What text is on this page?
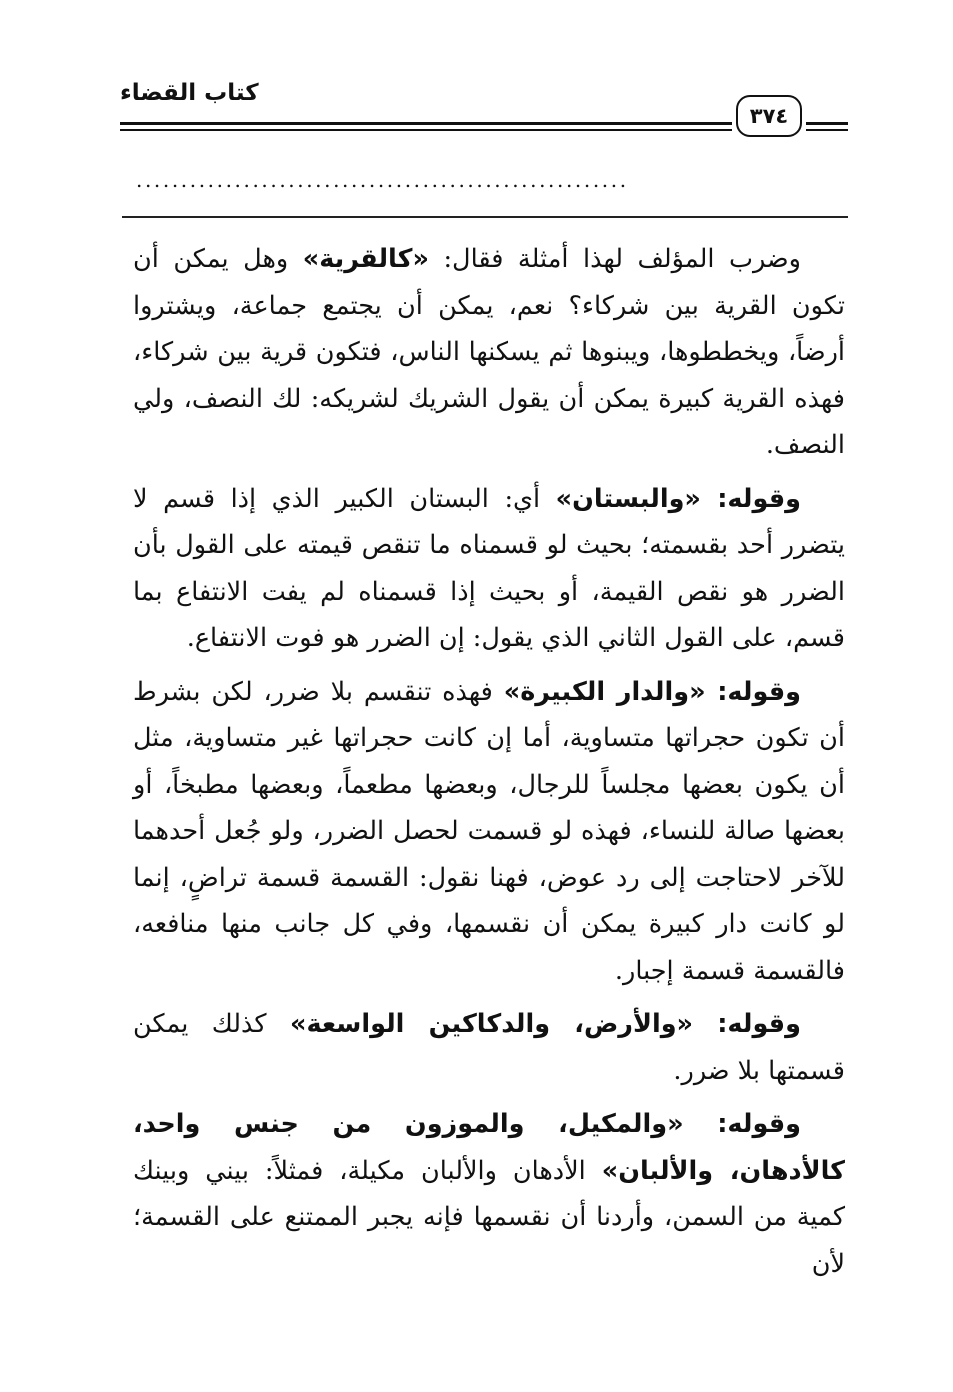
كتاب القضاء
٣٧٤
.......................................................

وضرب المؤلف لهذا أمثلة فقال: «كالقرية» وهل يمكن أن تكون القرية بين شركاء؟ نعم، يمكن أن يجتمع جماعة، ويشتروا أرضاً، ويخططوها، ويبنوها ثم يسكنها الناس، فتكون قرية بين شركاء، فهذه القرية كبيرة يمكن أن يقول الشريك لشريكه: لك النصف، ولي النصف.

وقوله: «والبستان» أي: البستان الكبير الذي إذا قسم لا يتضرر أحد بقسمته؛ بحيث لو قسمناه ما تنقص قيمته على القول بأن الضرر هو نقص القيمة، أو بحيث إذا قسمناه لم يفت الانتفاع بما قسم، على القول الثاني الذي يقول: إن الضرر هو فوت الانتفاع.

وقوله: «والدار الكبيرة» فهذه تنقسم بلا ضرر، لكن بشرط أن تكون حجراتها متساوية، أما إن كانت حجراتها غير متساوية، مثل أن يكون بعضها مجلساً للرجال، وبعضها مطعماً، وبعضها مطبخاً، أو بعضها صالة للنساء، فهذه لو قسمت لحصل الضرر، ولو جُعل أحدهما للآخر لاحتاجت إلى رد عوض، فهنا نقول: القسمة قسمة تراضٍ، إنما لو كانت دار كبيرة يمكن أن نقسمها، وفي كل جانب منها منافعه، فالقسمة قسمة إجبار.

وقوله: «والأرض، والدكاكين الواسعة» كذلك يمكن قسمتها بلا ضرر.

وقوله: «والمكيل، والموزون من جنس واحد، كالأدهان، والألبان» الأدهان والألبان مكيلة، فمثلاً: بيني وبينك كمية من السمن، وأردنا أن نقسمها فإنه يجبر الممتنع على القسمة؛ لأن
